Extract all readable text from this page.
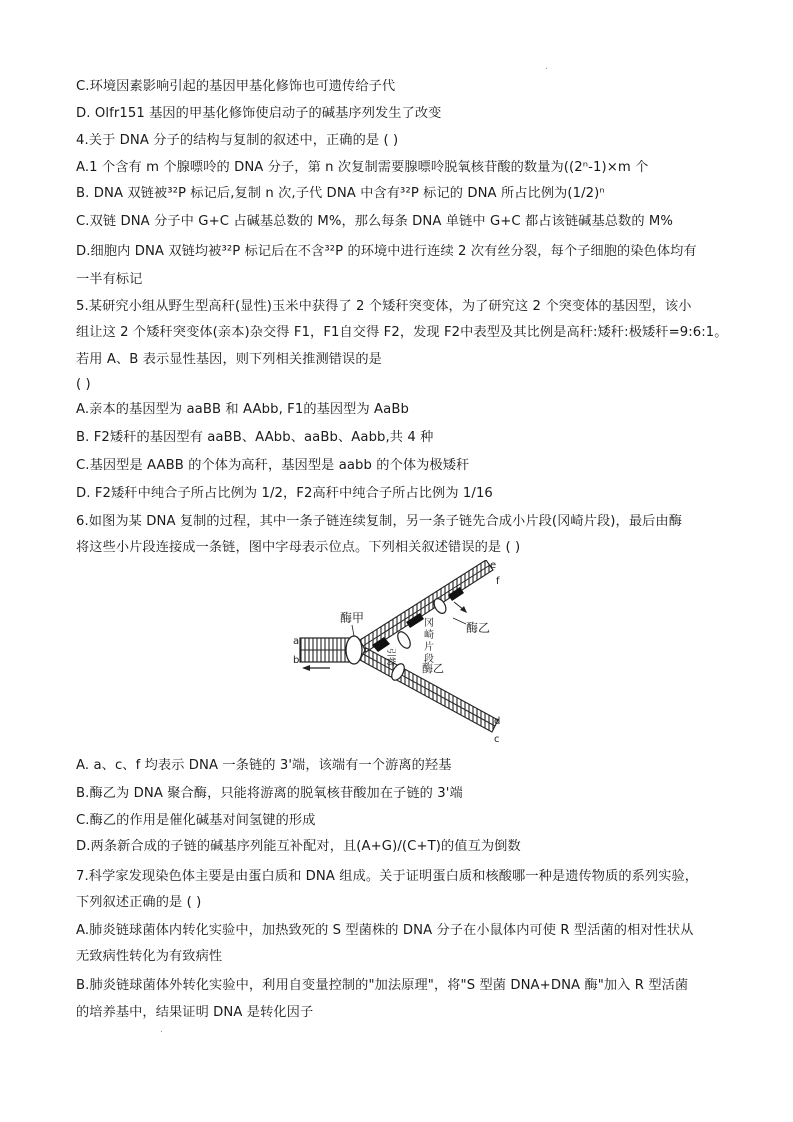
.
C.环境因素影响引起的基因甲基化修饰也可遗传给子代
D. Olfr151 基因的甲基化修饰使启动子的碱基序列发生了改变
4.关于 DNA 分子的结构与复制的叙述中，正确的是 ( )
A.1 个含有 m 个腺嘌呤的 DNA 分子，第 n 次复制需要腺嘌呤脱氧核苷酸的数量为((2ⁿ-1)×m 个
B. DNA 双链被³²P 标记后,复制 n 次,子代 DNA 中含有³²P 标记的 DNA 所占比例为(1/2)ⁿ
C.双链 DNA 分子中 G+C 占碱基总数的 M%，那么每条 DNA 单链中 G+C 都占该链碱基总数的 M%
D.细胞内 DNA 双链均被³²P 标记后在不含³²P 的环境中进行连续 2 次有丝分裂，每个子细胞的染色体均有
一半有标记
5.某研究小组从野生型高秆(显性)玉米中获得了 2 个矮秆突变体，为了研究这 2 个突变体的基因型，该小
组让这 2 个矮秆突变体(亲本)杂交得 F1，F1自交得 F2，发现 F2中表型及其比例是高秆:矮秆:极矮秆=9:6:1。
若用 A、B 表示显性基因，则下列相关推测错误的是
( )
A.亲本的基因型为 aaBB 和 AAbb, F1的基因型为 AaBb
B. F2矮秆的基因型有 aaBB、AAbb、aaBb、Aabb,共 4 种
C.基因型是 AABB 的个体为高秆，基因型是 aabb 的个体为极矮秆
D. F2矮秆中纯合子所占比例为 1/2，F2高秆中纯合子所占比例为 1/16
6.如图为某 DNA 复制的过程，其中一条子链连续复制，另一条子链先合成小片段(冈崎片段)，最后由酶
将这些小片段连接成一条链，图中字母表示位点。下列相关叙述错误的是 ( )
酶甲
酶乙
冈
崎
片
段
酶乙
引物
a
b
c
d
e
f
A. a、c、f 均表示 DNA 一条链的 3'端，该端有一个游离的羟基
B.酶乙为 DNA 聚合酶，只能将游离的脱氧核苷酸加在子链的 3'端
C.酶乙的作用是催化碱基对间氢键的形成
D.两条新合成的子链的碱基序列能互补配对，且(A+G)/(C+T)的值互为倒数
7.科学家发现染色体主要是由蛋白质和 DNA 组成。关于证明蛋白质和核酸哪一种是遗传物质的系列实验，
下列叙述正确的是 ( )
A.肺炎链球菌体内转化实验中，加热致死的 S 型菌株的 DNA 分子在小鼠体内可使 R 型活菌的相对性状从
无致病性转化为有致病性
B.肺炎链球菌体外转化实验中，利用自变量控制的"加法原理"，将"S 型菌 DNA+DNA 酶"加入 R 型活菌
的培养基中，结果证明 DNA 是转化因子
.
